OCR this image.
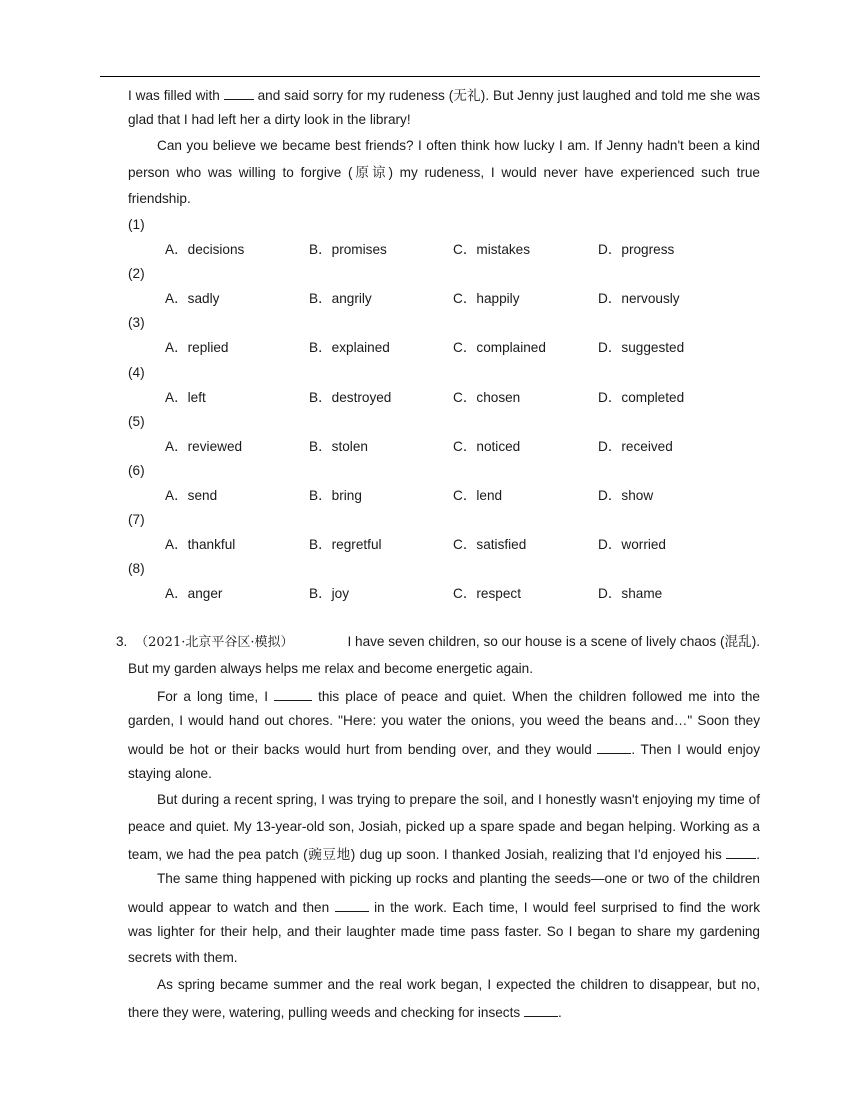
I was filled with  and said sorry for my rudeness (无礼). But Jenny just laughed and told me she was
glad that I had left her a dirty look in the library!
Can you believe we became best friends? I often think how lucky I am. If Jenny hadn't been a kind
person who was willing to forgive (原谅) my rudeness, I would never have experienced such true
friendship.
(1)
A．decisions	B．promises	C．mistakes	D．progress
(2)
A．sadly	B．angrily	C．happily	D．nervously
(3)
A．replied	B．explained	C．complained	D．suggested
(4)
A．left	B．destroyed	C．chosen	D．completed
(5)
A．reviewed	B．stolen	C．noticed	D．received
(6)
A．send	B．bring	C．lend	D．show
(7)
A．thankful	B．regretful	C．satisfied	D．worried
(8)
A．anger	B．joy	C．respect	D．shame
3. （2021·北京平谷区·模拟）	I have seven children, so our house is a scene of lively chaos (混乱).
But my garden always helps me relax and become energetic again.
For a long time, I	this place of peace and quiet. When the children followed me into the
garden, I would hand out chores. "Here: you water the onions, you weed the beans and…" Soon they
would be hot or their backs would hurt from bending over, and they would	. Then I would enjoy
staying alone.
But during a recent spring, I was trying to prepare the soil, and I honestly wasn't enjoying my time of
peace and quiet. My 13-year-old son, Josiah, picked up a spare spade and began helping. Working as a
team, we had the pea patch (豌豆地) dug up soon. I thanked Josiah, realizing that I'd enjoyed his .
The same thing happened with picking up rocks and planting the seeds—one or two of the children
would appear to watch and then	in the work. Each time, I would feel surprised to find the work
was lighter for their help, and their laughter made time pass faster. So I began to share my gardening
secrets with them.
As spring became summer and the real work began, I expected the children to disappear, but no,
there they were, watering, pulling weeds and checking for insects	.
